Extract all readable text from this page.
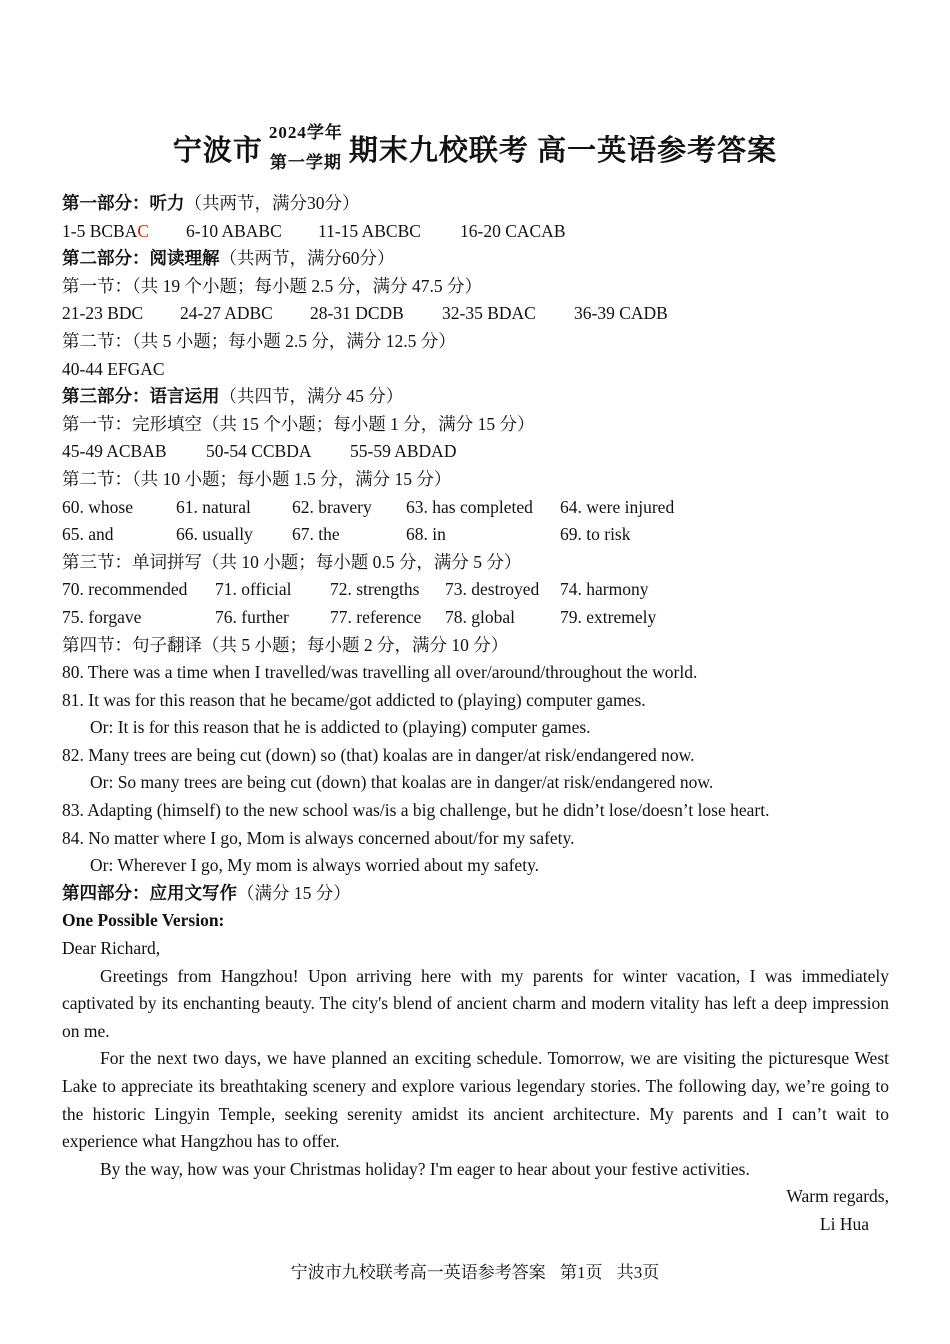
宁波市
2024学年
第一学期 期末九校联考 高一英语参考答案
第一部分：听力（共两节，满分30分）
1-5 BCBAC	6-10 ABABC	11-15 ABCBC	16-20 CACAB
第二部分：阅读理解（共两节，满分60分）
第一节：（共 19 个小题；每小题 2.5 分，满分 47.5 分）
21-23 BDC	24-27 ADBC	28-31 DCDB	32-35 BDAC	36-39 CADB
第二节：（共 5 小题；每小题 2.5 分，满分 12.5 分）
40-44 EFGAC
第三部分：语言运用（共四节，满分 45 分）
第一节：完形填空（共 15 个小题；每小题 1 分，满分 15 分）
45-49 ACBAB	50-54 CCBDA	55-59 ABDAD
第二节：（共 10 小题；每小题 1.5 分，满分 15 分）
60. whose	61. natural	62. bravery	63. has completed	64. were injured
65. and	66. usually	67. the	68. in	69. to risk
第三节：单词拼写（共 10 小题；每小题 0.5 分，满分 5 分）
70. recommended	71. official	72. strengths	73. destroyed	74. harmony
75. forgave	76. further	77. reference	78. global	79. extremely
第四节：句子翻译（共 5 小题；每小题 2 分，满分 10 分）
80. There was a time when I travelled/was travelling all over/around/throughout the world.
81. It was for this reason that he became/got addicted to (playing) computer games.
Or: It is for this reason that he is addicted to (playing) computer games.
82. Many trees are being cut (down) so (that) koalas are in danger/at risk/endangered now.
Or: So many trees are being cut (down) that koalas are in danger/at risk/endangered now.
83. Adapting (himself) to the new school was/is a big challenge, but he didn’t lose/doesn’t lose heart.
84. No matter where I go, Mom is always concerned about/for my safety.
Or: Wherever I go, My mom is always worried about my safety.
第四部分：应用文写作（满分 15 分）
One Possible Version:
Dear Richard,

Greetings from Hangzhou! Upon arriving here with my parents for winter vacation, I was immediately captivated by its enchanting beauty. The city's blend of ancient charm and modern vitality has left a deep impression on me.

For the next two days, we have planned an exciting schedule. Tomorrow, we are visiting the picturesque West Lake to appreciate its breathtaking scenery and explore various legendary stories. The following day, we’re going to the historic Lingyin Temple, seeking serenity amidst its ancient architecture. My parents and I can’t wait to experience what Hangzhou has to offer.

By the way, how was your Christmas holiday? I'm eager to hear about your festive activities.

Warm regards,
Li Hua
宁波市九校联考高一英语参考答案 第1页 共3页
